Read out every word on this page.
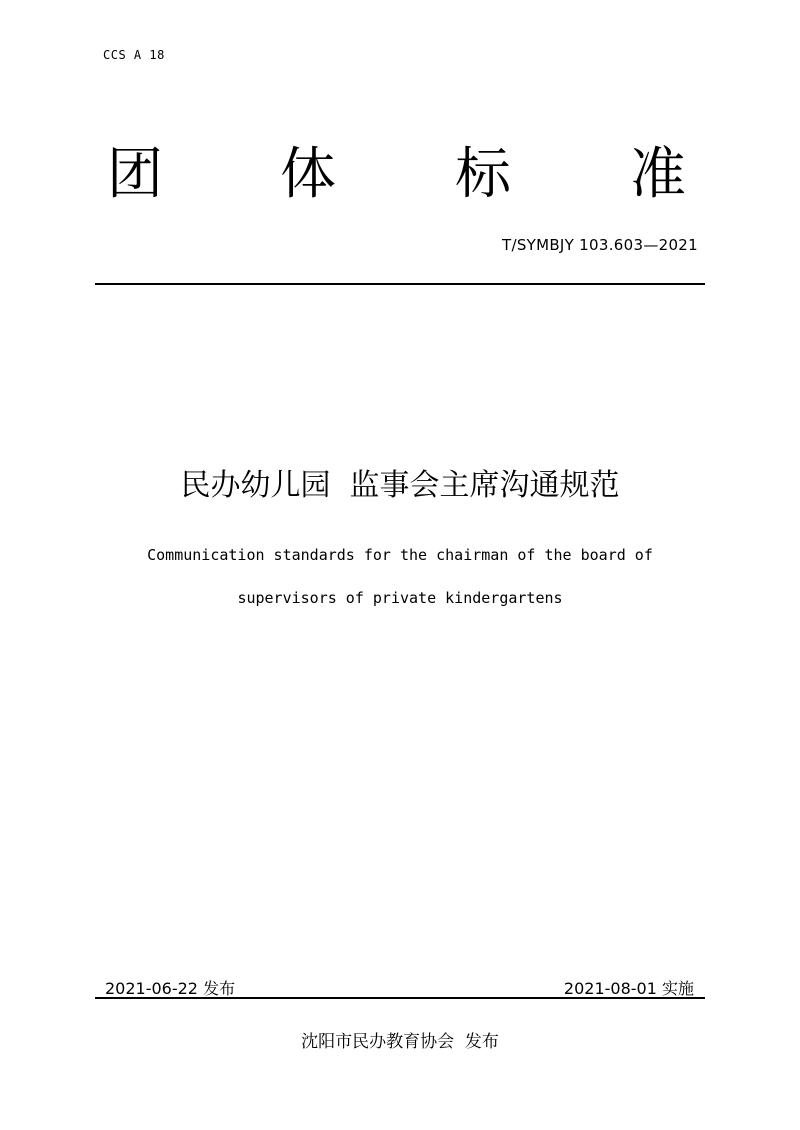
CCS A 18
团 体 标 准
T/SYMBJY 103.603—2021
民办幼儿园  监事会主席沟通规范
Communication standards for the chairman of the board of
supervisors of private kindergartens
2021-06-22 发布	2021-08-01 实施
沈阳市民办教育协会  发布
